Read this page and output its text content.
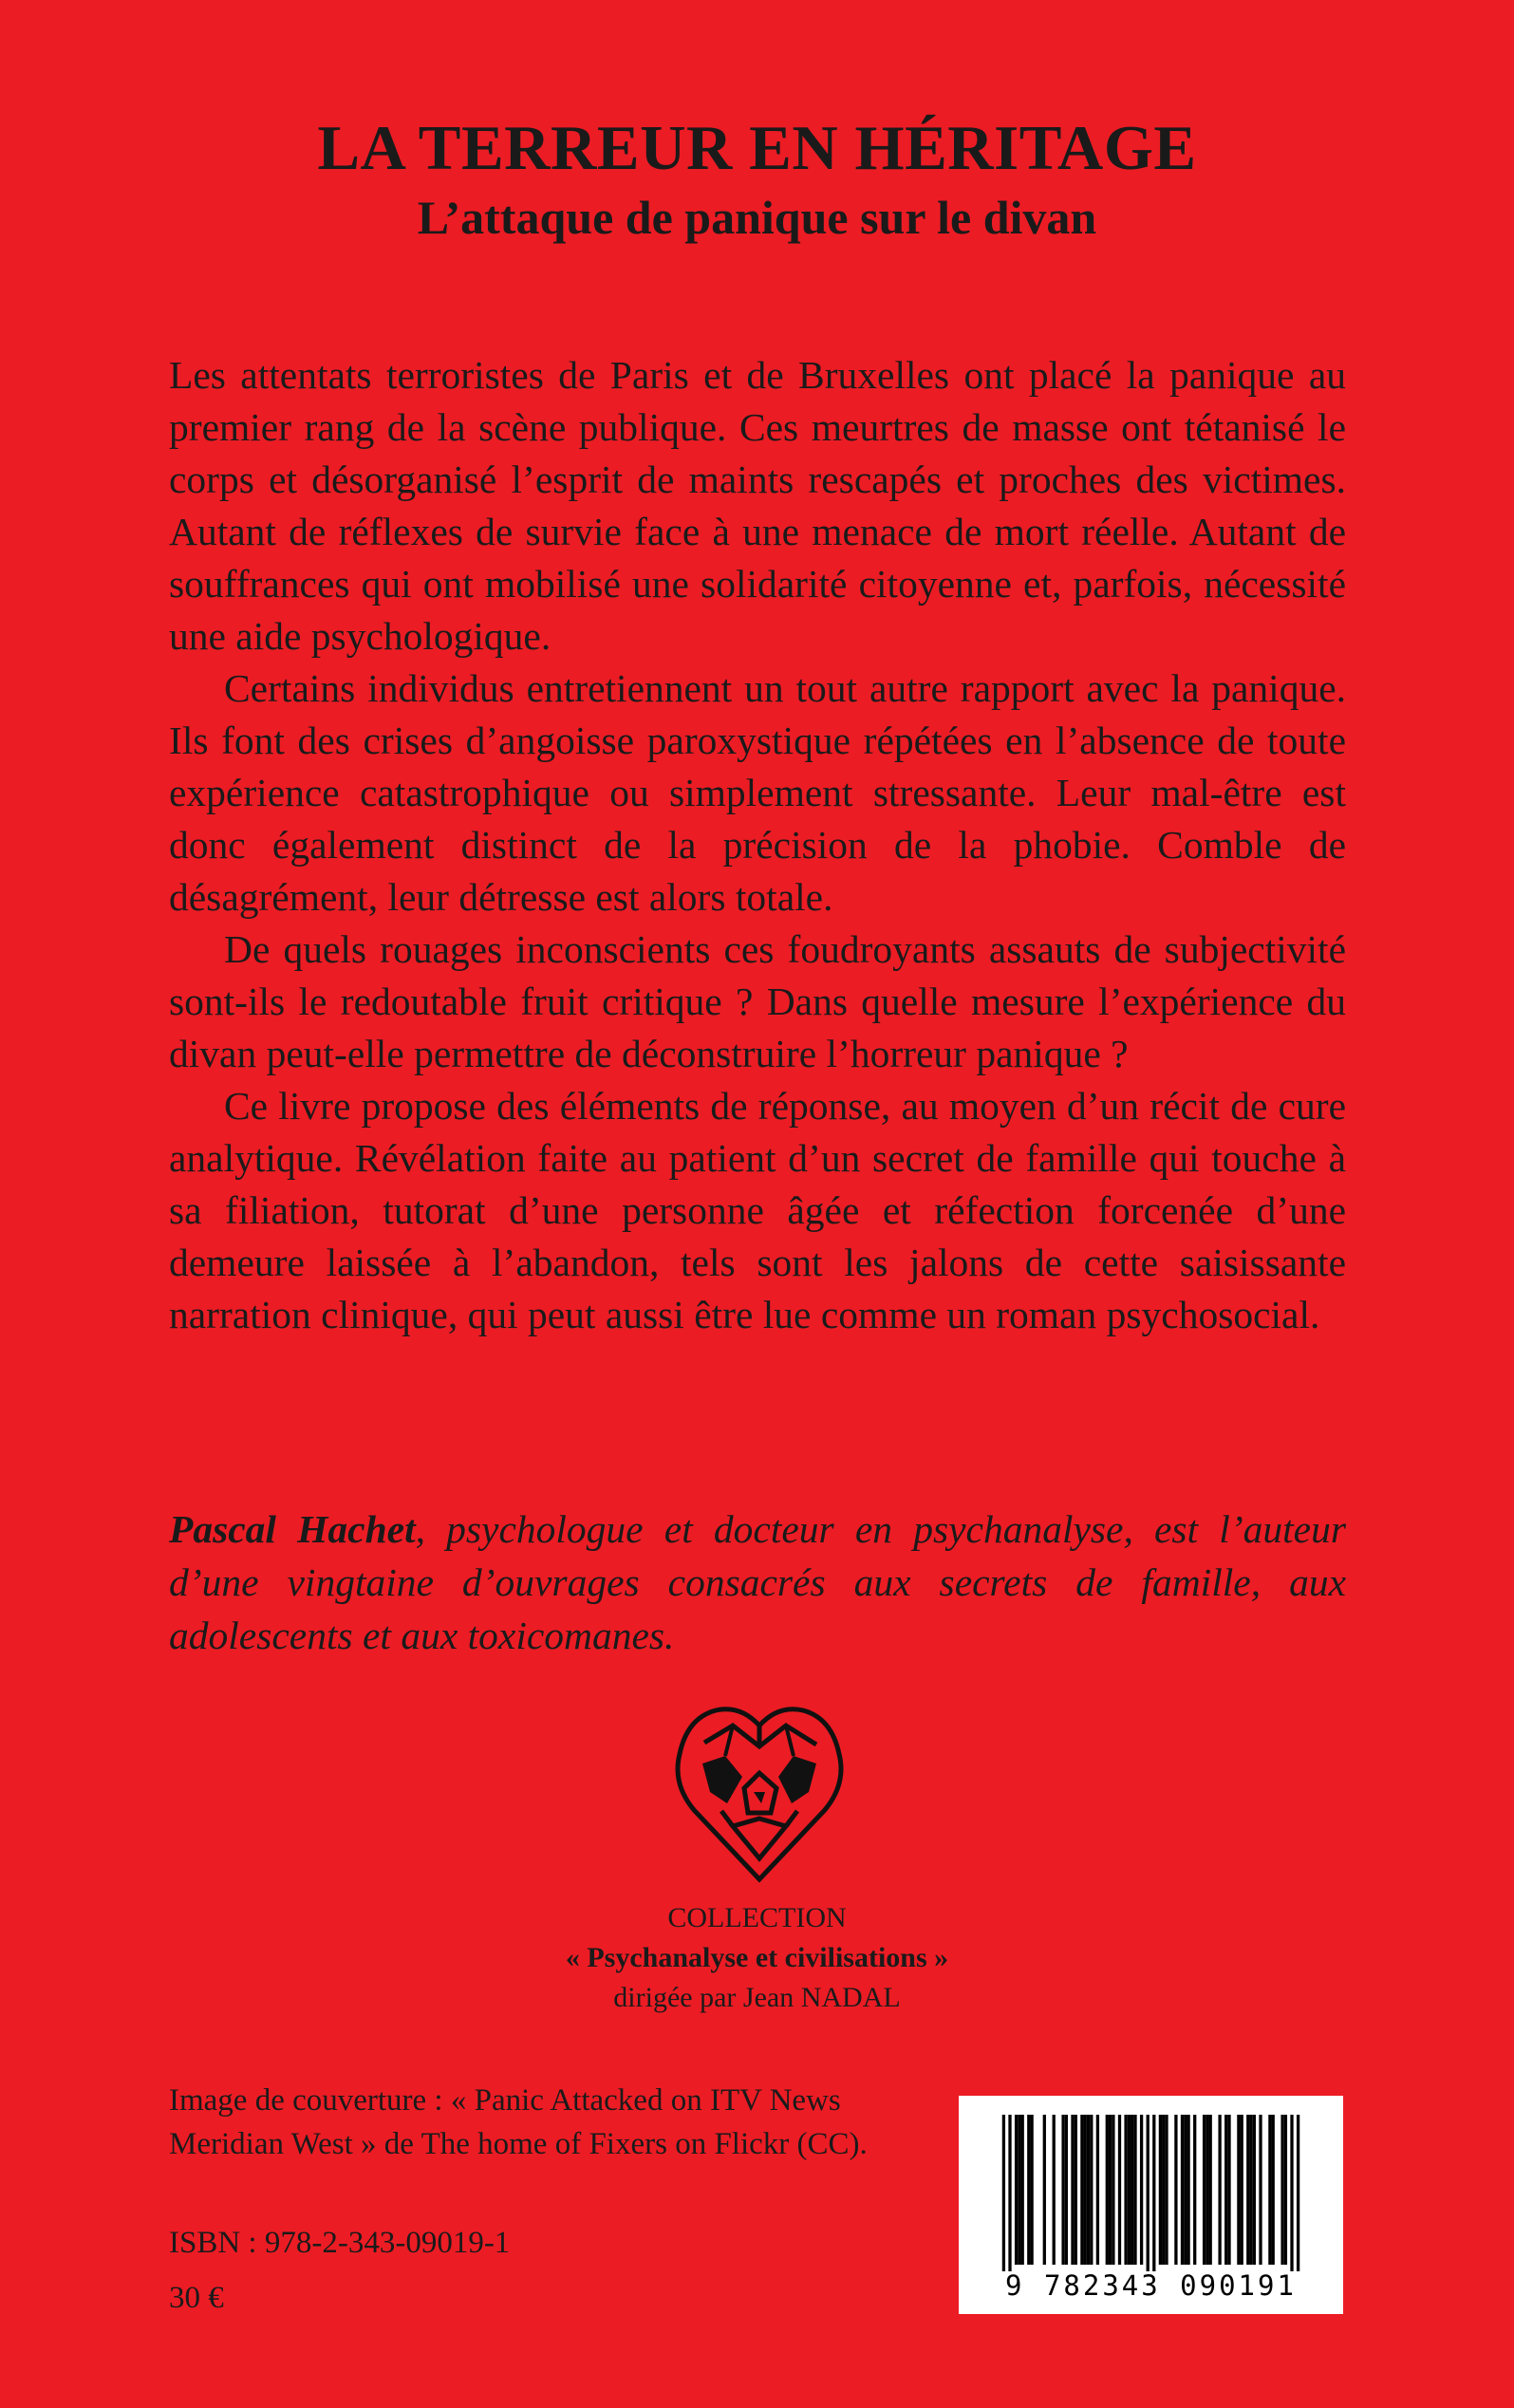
LA TERREUR EN HÉRITAGE
L’attaque de panique sur le divan

Les attentats terroristes de Paris et de Bruxelles ont placé la panique au premier rang de la scène publique. Ces meurtres de masse ont tétanisé le corps et désorganisé l’esprit de maints rescapés et proches des victimes. Autant de réflexes de survie face à une menace de mort réelle. Autant de souffrances qui ont mobilisé une solidarité citoyenne et, parfois, nécessité une aide psychologique.

Certains individus entretiennent un tout autre rapport avec la panique. Ils font des crises d’angoisse paroxystique répétées en l’absence de toute expérience catastrophique ou simplement stressante. Leur mal-être est donc également distinct de la précision de la phobie. Comble de désagrément, leur détresse est alors totale.

De quels rouages inconscients ces foudroyants assauts de subjectivité sont-ils le redoutable fruit critique ? Dans quelle mesure l’expérience du divan peut-elle permettre de déconstruire l’horreur panique ?

Ce livre propose des éléments de réponse, au moyen d’un récit de cure analytique. Révélation faite au patient d’un secret de famille qui touche à sa filiation, tutorat d’une personne âgée et réfection forcenée d’une demeure laissée à l’abandon, tels sont les jalons de cette saisissante narration clinique, qui peut aussi être lue comme un roman psychosocial.

Pascal Hachet, psychologue et docteur en psychanalyse, est l’auteur d’une vingtaine d’ouvrages consacrés aux secrets de famille, aux adolescents et aux toxicomanes.
COLLECTION
« Psychanalyse et civilisations »
dirigée par Jean NADAL
Image de couverture : « Panic Attacked on ITV News Meridian West » de The home of Fixers on Flickr (CC).
ISBN : 978-2-343-09019-1
30 €	9 782343 090191
